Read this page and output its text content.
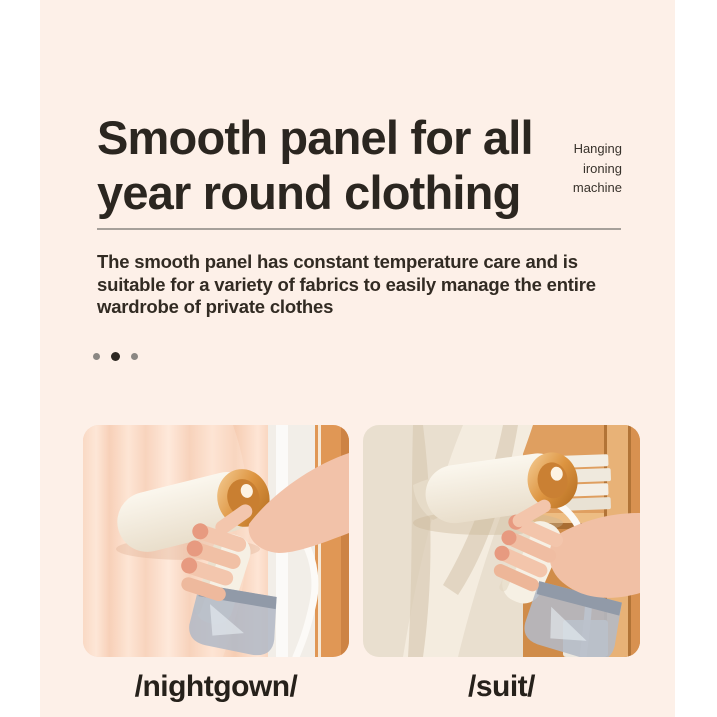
Smooth panel for all
year round clothing
Hanging ironing machine
The smooth panel has constant temperature care and is
suitable for a variety of fabrics to easily manage the entire
wardrobe of private clothes
/nightgown/	/suit/
